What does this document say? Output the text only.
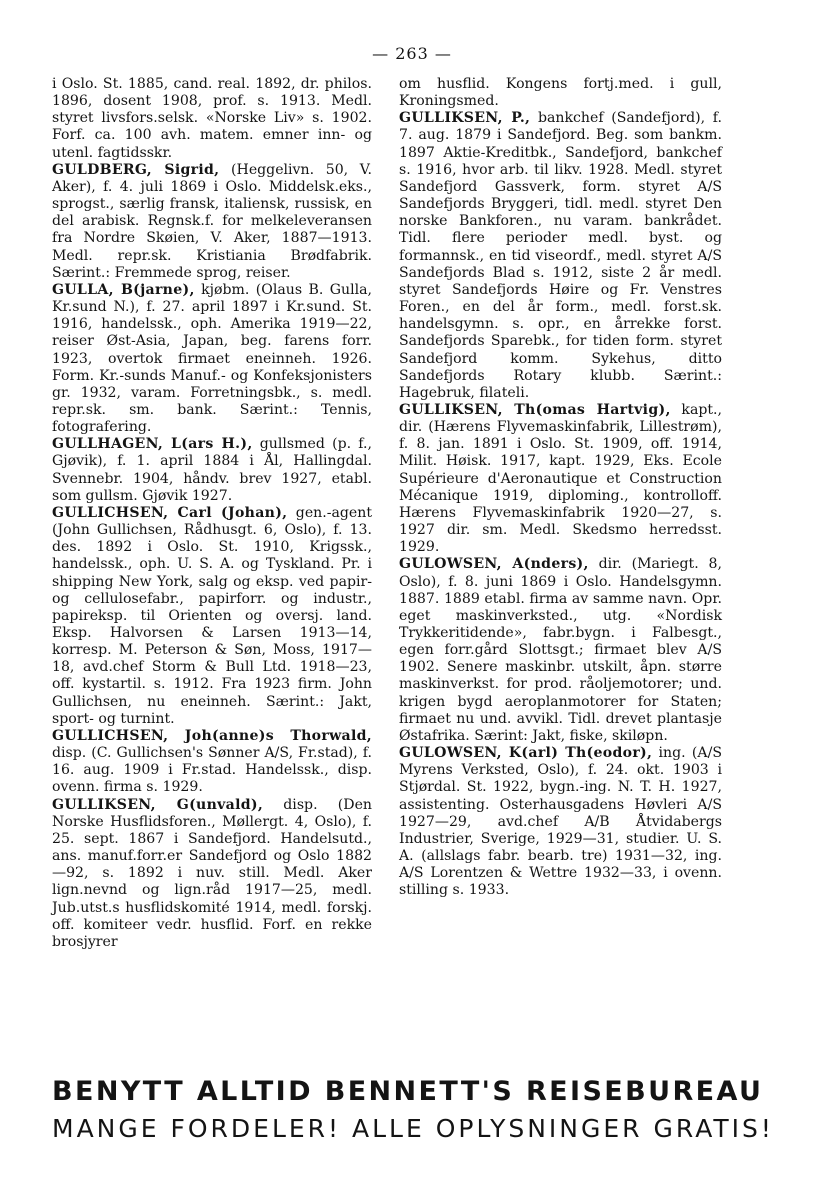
— 263 —

i Oslo. St. 1885, cand. real. 1892, dr. philos. 1896, dosent 1908, prof. s. 1913. Medl. styret livsfors.selsk. «Norske Liv» s. 1902. Forf. ca. 100 avh. matem. emner inn- og utenl. fagtidsskr.

GULDBERG, Sigrid, (Heggelivn. 50, V. Aker), f. 4. juli 1869 i Oslo. Middelsk.eks., sprogst., særlig fransk, italiensk, russisk, en del arabisk. Regnsk.f. for melkeleveransen fra Nordre Skøien, V. Aker, 1887—1913. Medl. repr.sk. Kristiania Brødfabrik. Særint.: Fremmede sprog, reiser.

GULLA, B(jarne), kjøbm. (Olaus B. Gulla, Kr.sund N.), f. 27. april 1897 i Kr.sund. St. 1916, handelssk., oph. Amerika 1919—22, reiser Øst-Asia, Japan, beg. farens forr. 1923, overtok firmaet eneinneh. 1926. Form. Kr.-sunds Manuf.- og Konfeksjonisters gr. 1932, varam. Forretningsbk., s. medl. repr.sk. sm. bank. Særint.: Tennis, fotografering.

GULLHAGEN, L(ars H.), gullsmed (p. f., Gjøvik), f. 1. april 1884 i Ål, Hallingdal. Svennebr. 1904, håndv. brev 1927, etabl. som gullsm. Gjøvik 1927.

GULLICHSEN, Carl (Johan), gen.-agent (John Gullichsen, Rådhusgt. 6, Oslo), f. 13. des. 1892 i Oslo. St. 1910, Krigssk., handelssk., oph. U. S. A. og Tyskland. Pr. i shipping New York, salg og eksp. ved papir- og cellulosefabr., papirforr. og industr., papireksp. til Orienten og oversj. land. Eksp. Halvorsen & Larsen 1913—14, korresp. M. Peterson & Søn, Moss, 1917—18, avd.chef Storm & Bull Ltd. 1918—23, off. kystartil. s. 1912. Fra 1923 firm. John Gullichsen, nu eneinneh. Særint.: Jakt, sport- og turnint.

GULLICHSEN, Joh(anne)s Thorwald, disp. (C. Gullichsen's Sønner A/S, Fr.stad), f. 16. aug. 1909 i Fr.stad. Handelssk., disp. ovenn. firma s. 1929.

GULLIKSEN, G(unvald), disp. (Den Norske Husflidsforen., Møllergt. 4, Oslo), f. 25. sept. 1867 i Sandefjord. Handelsutd., ans. manuf.forr.er Sandefjord og Oslo 1882—92, s. 1892 i nuv. still. Medl. Aker lign.nevnd og lign.råd 1917—25, medl. Jub.utst.s husflidskomité 1914, medl. forskj. off. komiteer vedr. husflid. Forf. en rekke brosjyrer

om husflid. Kongens fortj.med. i gull, Kroningsmed.

GULLIKSEN, P., bankchef (Sandefjord), f. 7. aug. 1879 i Sandefjord. Beg. som bankm. 1897 Aktie-Kreditbk., Sandefjord, bankchef s. 1916, hvor arb. til likv. 1928. Medl. styret Sandefjord Gassverk, form. styret A/S Sandefjords Bryggeri, tidl. medl. styret Den norske Bankforen., nu varam. bankrådet. Tidl. flere perioder medl. byst. og formannsk., en tid viseordf., medl. styret A/S Sandefjords Blad s. 1912, siste 2 år medl. styret Sandefjords Høire og Fr. Venstres Foren., en del år form., medl. forst.sk. handelsgymn. s. opr., en årrekke forst. Sandefjords Sparebk., for tiden form. styret Sandefjord komm. Sykehus, ditto Sandefjords Rotary klubb. Særint.: Hagebruk, filateli.

GULLIKSEN, Th(omas Hartvig), kapt., dir. (Hærens Flyvemaskinfabrik, Lillestrøm), f. 8. jan. 1891 i Oslo. St. 1909, off. 1914, Milit. Høisk. 1917, kapt. 1929, Eks. Ecole Supérieure d'Aeronautique et Construction Mécanique 1919, diploming., kontrolloff. Hærens Flyvemaskinfabrik 1920—27, s. 1927 dir. sm. Medl. Skedsmo herredsst. 1929.

GULOWSEN, A(nders), dir. (Mariegt. 8, Oslo), f. 8. juni 1869 i Oslo. Handelsgymn. 1887. 1889 etabl. firma av samme navn. Opr. eget maskinverksted., utg. «Nordisk Trykkeritidende», fabr.bygn. i Falbesgt., egen forr.gård Slottsgt.; firmaet blev A/S 1902. Senere maskinbr. utskilt, åpn. større maskinverkst. for prod. råoljemotorer; und. krigen bygd aeroplanmotorer for Staten; firmaet nu und. avvikl. Tidl. drevet plantasje Østafrika. Særint: Jakt, fiske, skiløpn.

GULOWSEN, K(arl) Th(eodor), ing. (A/S Myrens Verksted, Oslo), f. 24. okt. 1903 i Stjørdal. St. 1922, bygn.-ing. N. T. H. 1927, assistenting. Osterhausgadens Høvleri A/S 1927—29, avd.chef A/B Åtvidabergs Industrier, Sverige, 1929—31, studier. U. S. A. (allslags fabr. bearb. tre) 1931—32, ing. A/S Lorentzen & Wettre 1932—33, i ovenn. stilling s. 1933.

BENYTT ALLTID BENNETT'S REISEBUREAU
MANGE FORDELER! ALLE OPLYSNINGER GRATIS!
